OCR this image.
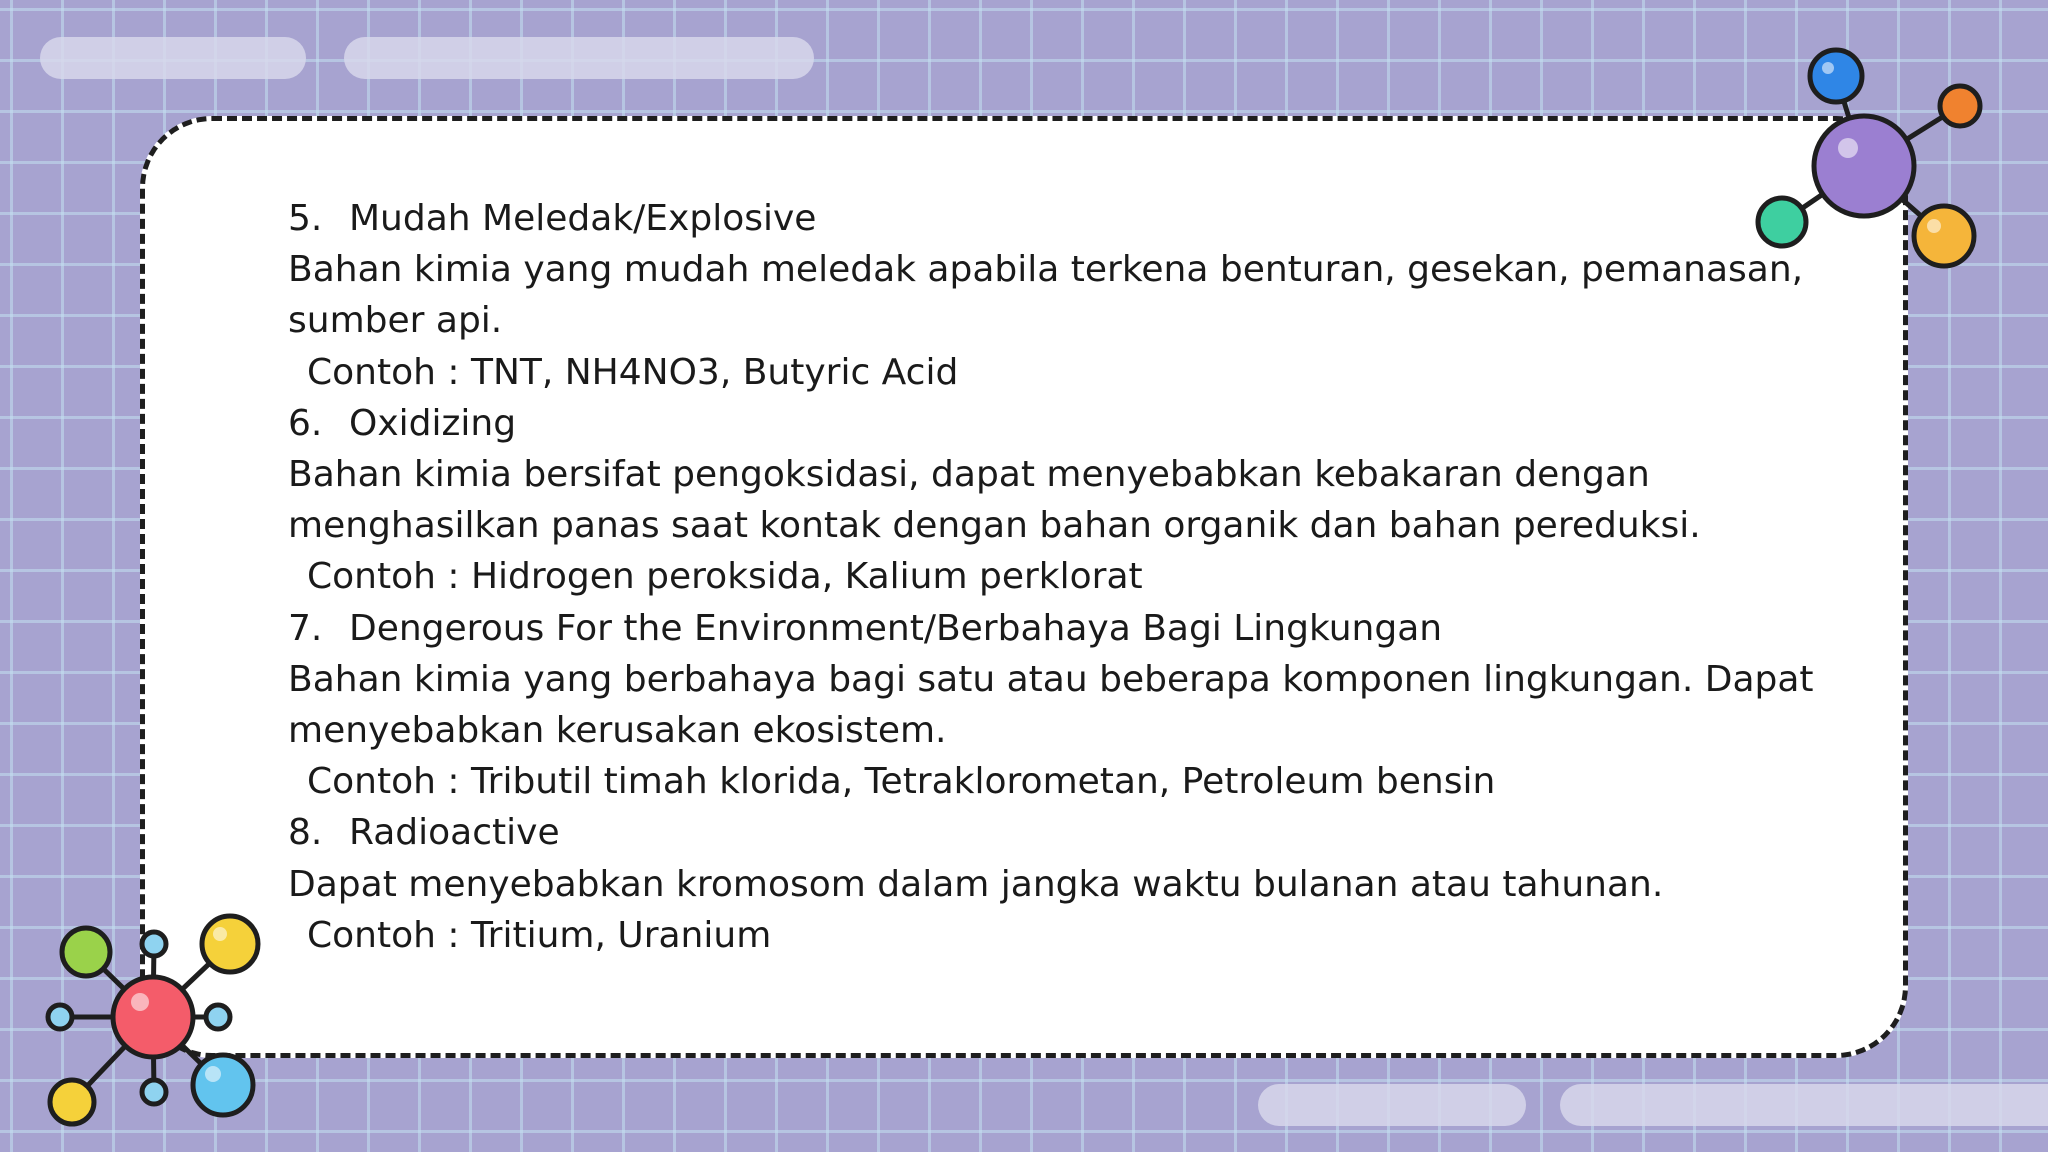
5. Mudah Meledak/Explosive

Bahan kimia yang mudah meledak apabila terkena benturan, gesekan, pemanasan,

sumber api.

Contoh : TNT, NH4NO3, Butyric Acid

6. Oxidizing

Bahan kimia bersifat pengoksidasi, dapat menyebabkan kebakaran dengan

menghasilkan panas saat kontak dengan bahan organik dan bahan pereduksi.

Contoh : Hidrogen peroksida, Kalium perklorat

7. Dengerous For the Environment/Berbahaya Bagi Lingkungan

Bahan kimia yang berbahaya bagi satu atau beberapa komponen lingkungan. Dapat

menyebabkan kerusakan ekosistem.

Contoh : Tributil timah klorida, Tetraklorometan, Petroleum bensin

8. Radioactive

Dapat menyebabkan kromosom dalam jangka waktu bulanan atau tahunan.

Contoh : Tritium, Uranium
